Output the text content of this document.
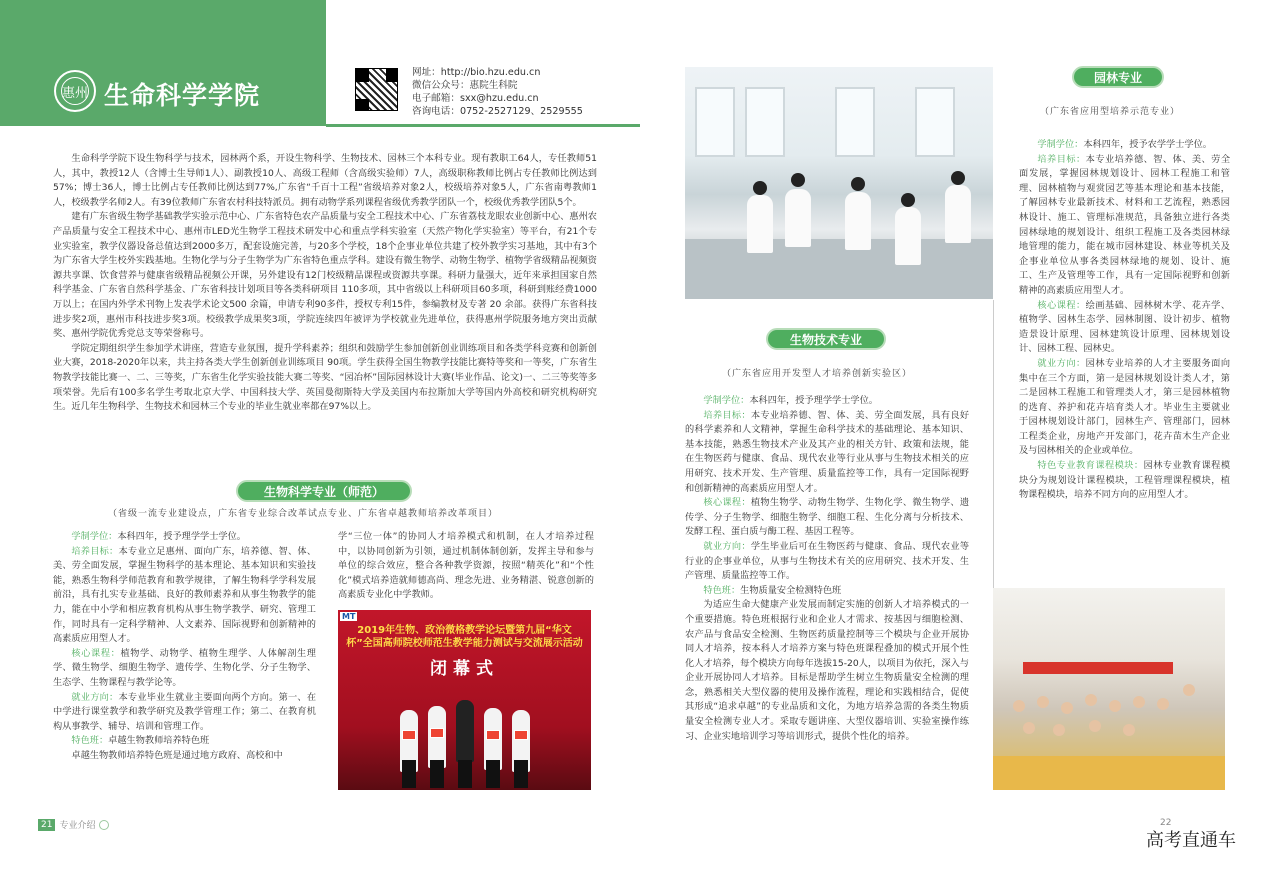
惠州 生命科学学院
网址：http://bio.hzu.edu.cn
微信公众号：惠院生科院
电子邮箱：sxx@hzu.edu.cn
咨询电话：0752-2527129、2529555

生命科学学院下设生物科学与技术，园林两个系，开设生物科学、生物技术、园林三个本科专业。现有教职工64人，专任教师51人，其中，教授12人（含博士生导师1人）、副教授10人、高级工程师（含高级实验师）7人，高级职称教师比例占专任教师比例达到57%；博士36人，博士比例占专任教师比例达到77%,广东省“千百十工程”省级培养对象2人，校级培养对象5人，广东省南粤教师1人，校级教学名师2人。有39位教师广东省农村科技特派员。拥有动物学系列课程省级优秀教学团队一个，校级优秀教学团队5个。

建有广东省级生物学基础教学实验示范中心、广东省特色农产品质量与安全工程技术中心、广东省荔枝龙眼农业创新中心、惠州农产品质量与安全工程技术中心、惠州市LED光生物学工程技术研发中心和重点学科实验室（天然产物化学实验室）等平台，有21个专业实验室，教学仪器设备总值达到2000多万，配套设施完善，与20多个学校，18个企事业单位共建了校外教学实习基地，其中有3个为广东省大学生校外实践基地。生物化学与分子生物学为广东省特色重点学科。建设有微生物学、动物生物学、植物学省级精品视频资源共享课、饮食营养与健康省级精品视频公开课，另外建设有12门校级精品课程或资源共享课。科研力量强大，近年来承担国家自然科学基金、广东省自然科学基金、广东省科技计划项目等各类科研项目 110多项，其中省级以上科研项目60多项，科研到账经费1000万以上；在国内外学术刊物上发表学术论文500 余篇，申请专利90多件，授权专利15件，参编教材及专著 20 余部。获得广东省科技进步奖2项，惠州市科技进步奖3项。校级教学成果奖3项，学院连续四年被评为学校就业先进单位，获得惠州学院服务地方突出贡献奖、惠州学院优秀党总支等荣誉称号。

学院定期组织学生参加学术讲座，营造专业氛围，提升学科素养；组织和鼓励学生参加创新创业训练项目和各类学科竞赛和创新创业大赛，2018-2020年以来，共主持各类大学生创新创业训练项目 90项。学生获得全国生物教学技能比赛特等奖和一等奖，广东省生物教学技能比赛一、二、三等奖，广东省生化学实验技能大赛二等奖、“园冶杯”国际园林设计大赛(毕业作品、论文)一、二三等奖等多项荣誉。先后有100多名学生考取北京大学、中国科技大学、英国曼彻斯特大学及美国内布拉斯加大学等国内外高校和研究机构研究生。近几年生物科学、生物技术和园林三个专业的毕业生就业率都在97%以上。

生物科学专业（师范）
（省级一流专业建设点，广东省专业综合改革试点专业、广东省卓越教师培养改革项目）

学制学位：本科四年，授予理学学士学位。

培养目标：本专业立足惠州、面向广东，培养德、智、体、美、劳全面发展，掌握生物科学的基本理论、基本知识和实验技能，熟悉生物科学师范教育和教学规律，了解生物科学学科发展前沿，具有扎实专业基础、良好的教师素养和从事生物教学的能力，能在中小学和相应教育机构从事生物学教学、研究、管理工作，同时具有一定科学精神、人文素养、国际视野和创新精神的高素质应用型人才。

核心课程：植物学、动物学、植物生理学、人体解剖生理学、微生物学、细胞生物学、遗传学、生物化学、分子生物学、生态学、生物课程与教学论等。

就业方向：本专业毕业生就业主要面向两个方向。第一、在中学进行课堂教学和教学研究及教学管理工作；第二、在教育机构从事教学、辅导、培训和管理工作。

特色班：卓越生物教师培养特色班

卓越生物教师培养特色班是通过地方政府、高校和中

学“三位一体”的协同人才培养模式和机制，在人才培养过程中，以协同创新为引领，通过机制体制创新，发挥主导和参与单位的综合效应，整合各种教学资源，按照“精英化”和“个性化”模式培养造就师德高尚、理念先进、业务精湛、锐意创新的高素质专业化中学教师。

MT
2019年生物、政治微格教学论坛暨第九届“华文杯”全国高师院校师范生教学能力测试与交流展示活动
闭幕式
生物技术专业
（广东省应用开发型人才培养创新实验区）

学制学位：本科四年，授予理学学士学位。

培养目标：本专业培养德、智、体、美、劳全面发展，具有良好的科学素养和人文精神，掌握生命科学技术的基础理论、基本知识、基本技能，熟悉生物技术产业及其产业的相关方针、政策和法规，能在生物医药与健康、食品、现代农业等行业从事与生物技术相关的应用研究、技术开发、生产管理、质量监控等工作，具有一定国际视野和创新精神的高素质应用型人才。

核心课程：植物生物学、动物生物学、生物化学、微生物学、遗传学、分子生物学、细胞生物学、细胞工程、生化分离与分析技术、发酵工程、蛋白质与酶工程、基因工程等。

就业方向：学生毕业后可在生物医药与健康、食品、现代农业等行业的企事业单位，从事与生物技术有关的应用研究、技术开发、生产管理、质量监控等工作。

特色班：生物质量安全检测特色班

为适应生命大健康产业发展而制定实施的创新人才培养模式的一个重要措施。特色班根据行业和企业人才需求、按基因与细胞检测、农产品与食品安全检测、生物医药质量控制等三个模块与企业开展协同人才培养，按本科人才培养方案与特色班课程叠加的模式开展个性化人才培养，每个模块方向每年选拔15-20人，以项目为依托，深入与企业开展协同人才培养。目标是帮助学生树立生物质量安全检测的理念，熟悉相关大型仪器的使用及操作流程，理论和实践相结合，促使其形成“追求卓越”的专业品质和文化，为地方培养急需的各类生物质量安全检测专业人才。采取专题讲座、大型仪器培训、实验室操作练习、企业实地培训学习等培训形式，提供个性化的培养。

园林专业
（广东省应用型培养示范专业）

学制学位：本科四年，授予农学学士学位。

培养目标：本专业培养德、智、体、美、劳全面发展，掌握园林规划设计、园林工程施工和管理、园林植物与观赏园艺等基本理论和基本技能，了解园林专业最新技术、材料和工艺流程，熟悉园林设计、施工、管理标准规范，具备独立进行各类园林绿地的规划设计、组织工程施工及各类园林绿地管理的能力，能在城市园林建设、林业等机关及企事业单位从事各类园林绿地的规划、设计、施工、生产及管理等工作，具有一定国际视野和创新精神的高素质应用型人才。

核心课程：绘画基础、园林树木学、花卉学、植物学、园林生态学、园林制图、设计初步、植物造景设计原理、园林建筑设计原理、园林规划设计、园林工程、园林史。

就业方向：园林专业培养的人才主要服务面向集中在三个方面，第一是园林规划设计类人才，第二是园林工程施工和管理类人才，第三是园林植物的选育、养护和花卉培育类人才。毕业生主要就业于园林规划设计部门，园林生产、管理部门，园林工程类企业，房地产开发部门，花卉苗木生产企业及与园林相关的企业或单位。

特色专业教育课程模块：园林专业教育课程模块分为规划设计课程模块，工程管理课程模块，植物课程模块，培养不同方向的应用型人才。

21 专业介绍	22
高考直通车
